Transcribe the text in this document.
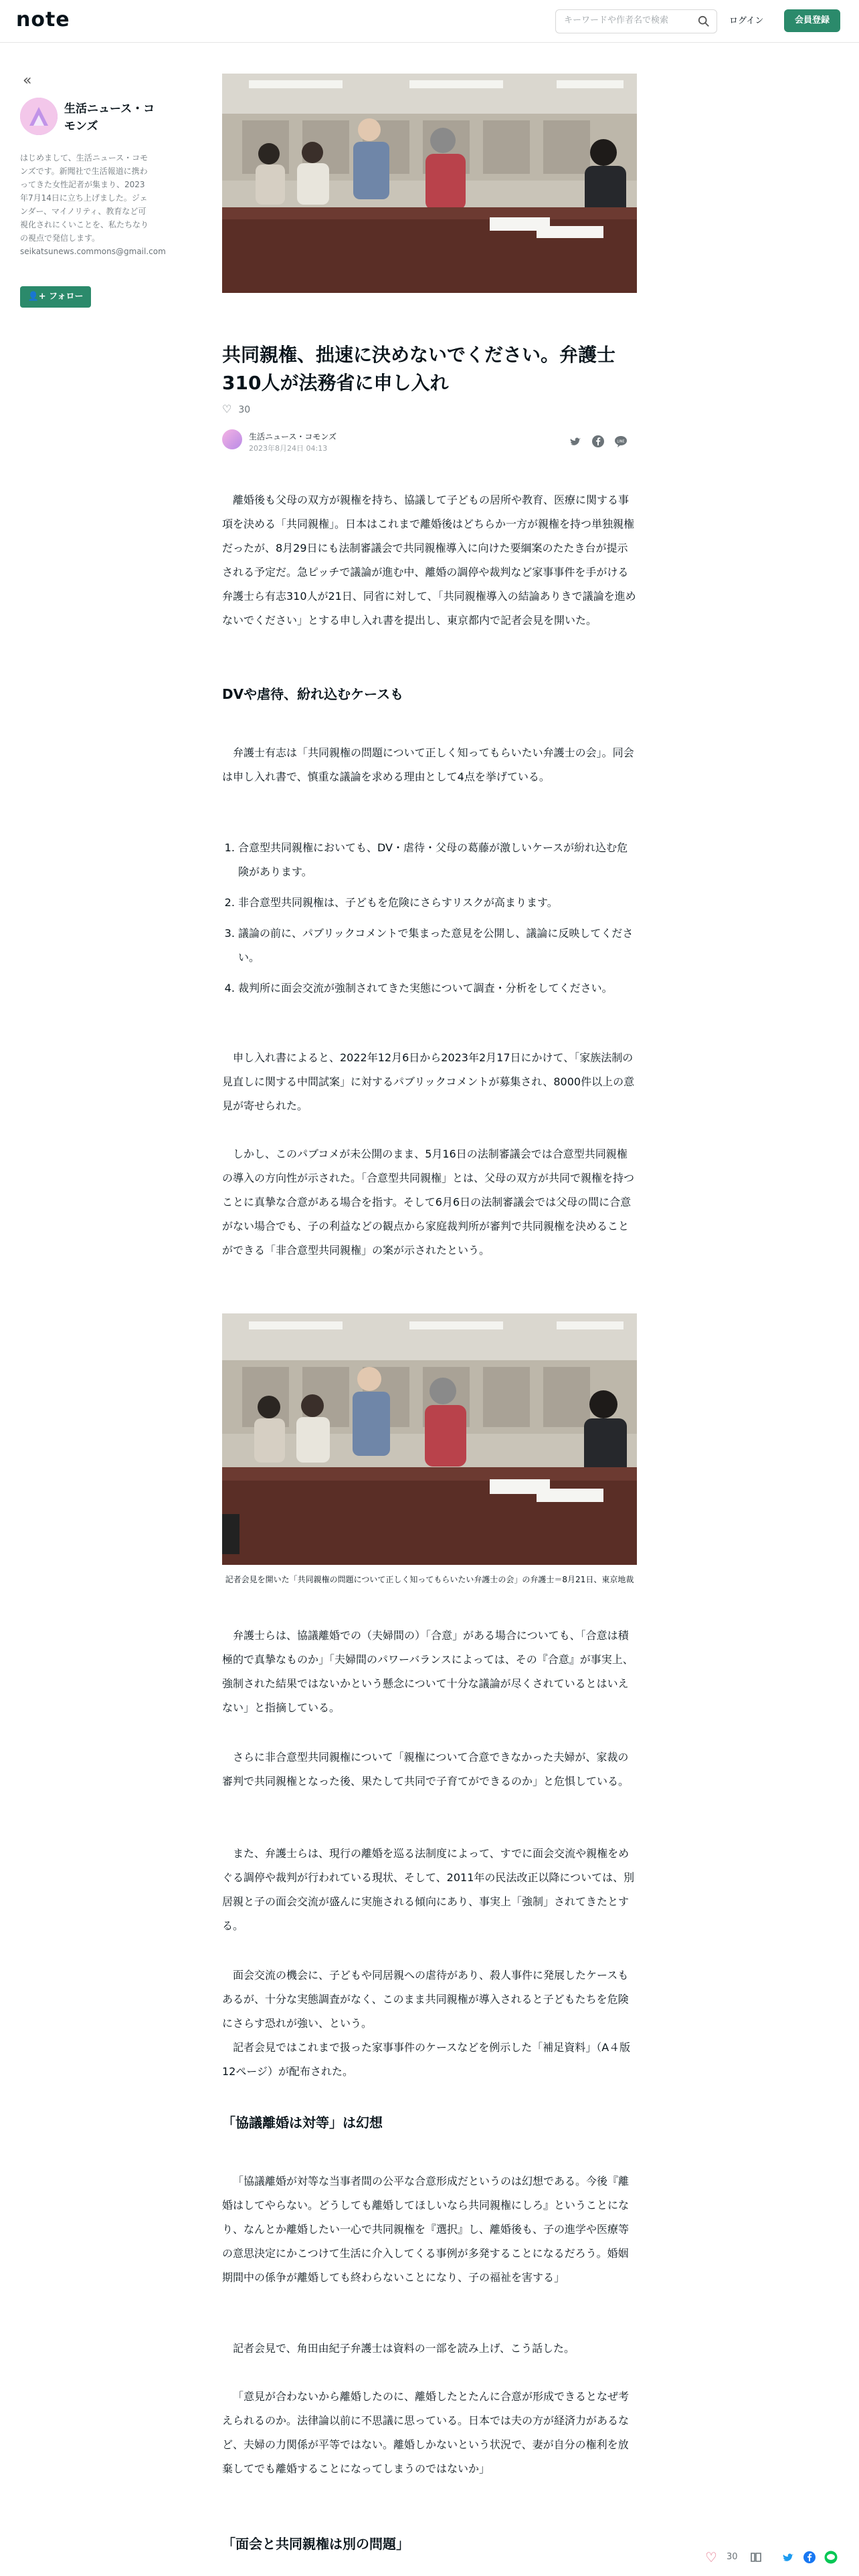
note
キーワードや作者名で検索	ログイン	会員登録
«
生活ニュース・コモンズ
はじめまして、生活ニュース・コモンズです。新聞社で生活報道に携わってきた女性記者が集まり、2023年7月14日に立ち上げました。ジェンダー、マイノリティ、教育など可視化されにくいことを、私たちなりの視点で発信します。 seikatsunews.commons@gmail.com
👤+ フォロー
共同親権、拙速に決めないでください。弁護士310人が法務省に申し入れ
♡ 30
生活ニュース・コモンズ
2023年8月24日 04:13
LINE

離婚後も父母の双方が親権を持ち、協議して子どもの居所や教育、医療に関する事項を決める「共同親権」。日本はこれまで離婚後はどちらか一方が親権を持つ単独親権だったが、8月29日にも法制審議会で共同親権導入に向けた要綱案のたたき台が提示される予定だ。急ピッチで議論が進む中、離婚の調停や裁判など家事事件を手がける弁護士ら有志310人が21日、同省に対して、「共同親権導入の結論ありきで議論を進めないでください」とする申し入れ書を提出し、東京都内で記者会見を開いた。

DVや虐待、紛れ込むケースも

弁護士有志は「共同親権の問題について正しく知ってもらいたい弁護士の会」。同会は申し入れ書で、慎重な議論を求める理由として4点を挙げている。

1. 合意型共同親権においても、DV・虐待・父母の葛藤が激しいケースが紛れ込む危険があります。
2. 非合意型共同親権は、子どもを危険にさらすリスクが高まります。
3. 議論の前に、パブリックコメントで集まった意見を公開し、議論に反映してください。
4. 裁判所に面会交流が強制されてきた実態について調査・分析をしてください。

申し入れ書によると、2022年12月6日から2023年2月17日にかけて、「家族法制の見直しに関する中間試案」に対するパブリックコメントが募集され、8000件以上の意見が寄せられた。

しかし、このパブコメが未公開のまま、5月16日の法制審議会では合意型共同親権の導入の方向性が示された。「合意型共同親権」とは、父母の双方が共同で親権を持つことに真摯な合意がある場合を指す。そして6月6日の法制審議会では父母の間に合意がない場合でも、子の利益などの観点から家庭裁判所が審判で共同親権を決めることができる「非合意型共同親権」の案が示されたという。

記者会見を開いた「共同親権の問題について正しく知ってもらいたい弁護士の会」の弁護士＝8月21日、東京地裁

弁護士らは、協議離婚での（夫婦間の）「合意」がある場合についても、「合意は積極的で真摯なものか」「夫婦間のパワーバランスによっては、その『合意』が事実上、強制された結果ではないかという懸念について十分な議論が尽くされているとはいえない」と指摘している。

さらに非合意型共同親権について「親権について合意できなかった夫婦が、家裁の審判で共同親権となった後、果たして共同で子育てができるのか」と危惧している。

また、弁護士らは、現行の離婚を巡る法制度によって、すでに面会交流や親権をめぐる調停や裁判が行われている現状、そして、2011年の民法改正以降については、別居親と子の面会交流が盛んに実施される傾向にあり、事実上「強制」されてきたとする。

面会交流の機会に、子どもや同居親への虐待があり、殺人事件に発展したケースもあるが、十分な実態調査がなく、このまま共同親権が導入されると子どもたちを危険にさらす恐れが強い、という。

記者会見ではこれまで扱った家事事件のケースなどを例示した「補足資料」（A４版 12ページ）が配布された。

「協議離婚は対等」は幻想

「協議離婚が対等な当事者間の公平な合意形成だというのは幻想である。今後『離婚はしてやらない。どうしても離婚してほしいなら共同親権にしろ』ということになり、なんとか離婚したい一心で共同親権を『選択』し、離婚後も、子の進学や医療等の意思決定にかこつけて生活に介入してくる事例が多発することになるだろう。婚姻期間中の係争が離婚しても終わらないことになり、子の福祉を害する」

記者会見で、角田由紀子弁護士は資料の一部を読み上げ、こう話した。

「意見が合わないから離婚したのに、離婚したとたんに合意が形成できるとなぜ考えられるのか。法律論以前に不思議に思っている。日本では夫の方が経済力があるなど、夫婦の力関係が平等ではない。離婚しかないという状況で、妻が自分の権利を放棄してでも離婚することになってしまうのではないか」

「面会と共同親権は別の問題」
♡ 30
